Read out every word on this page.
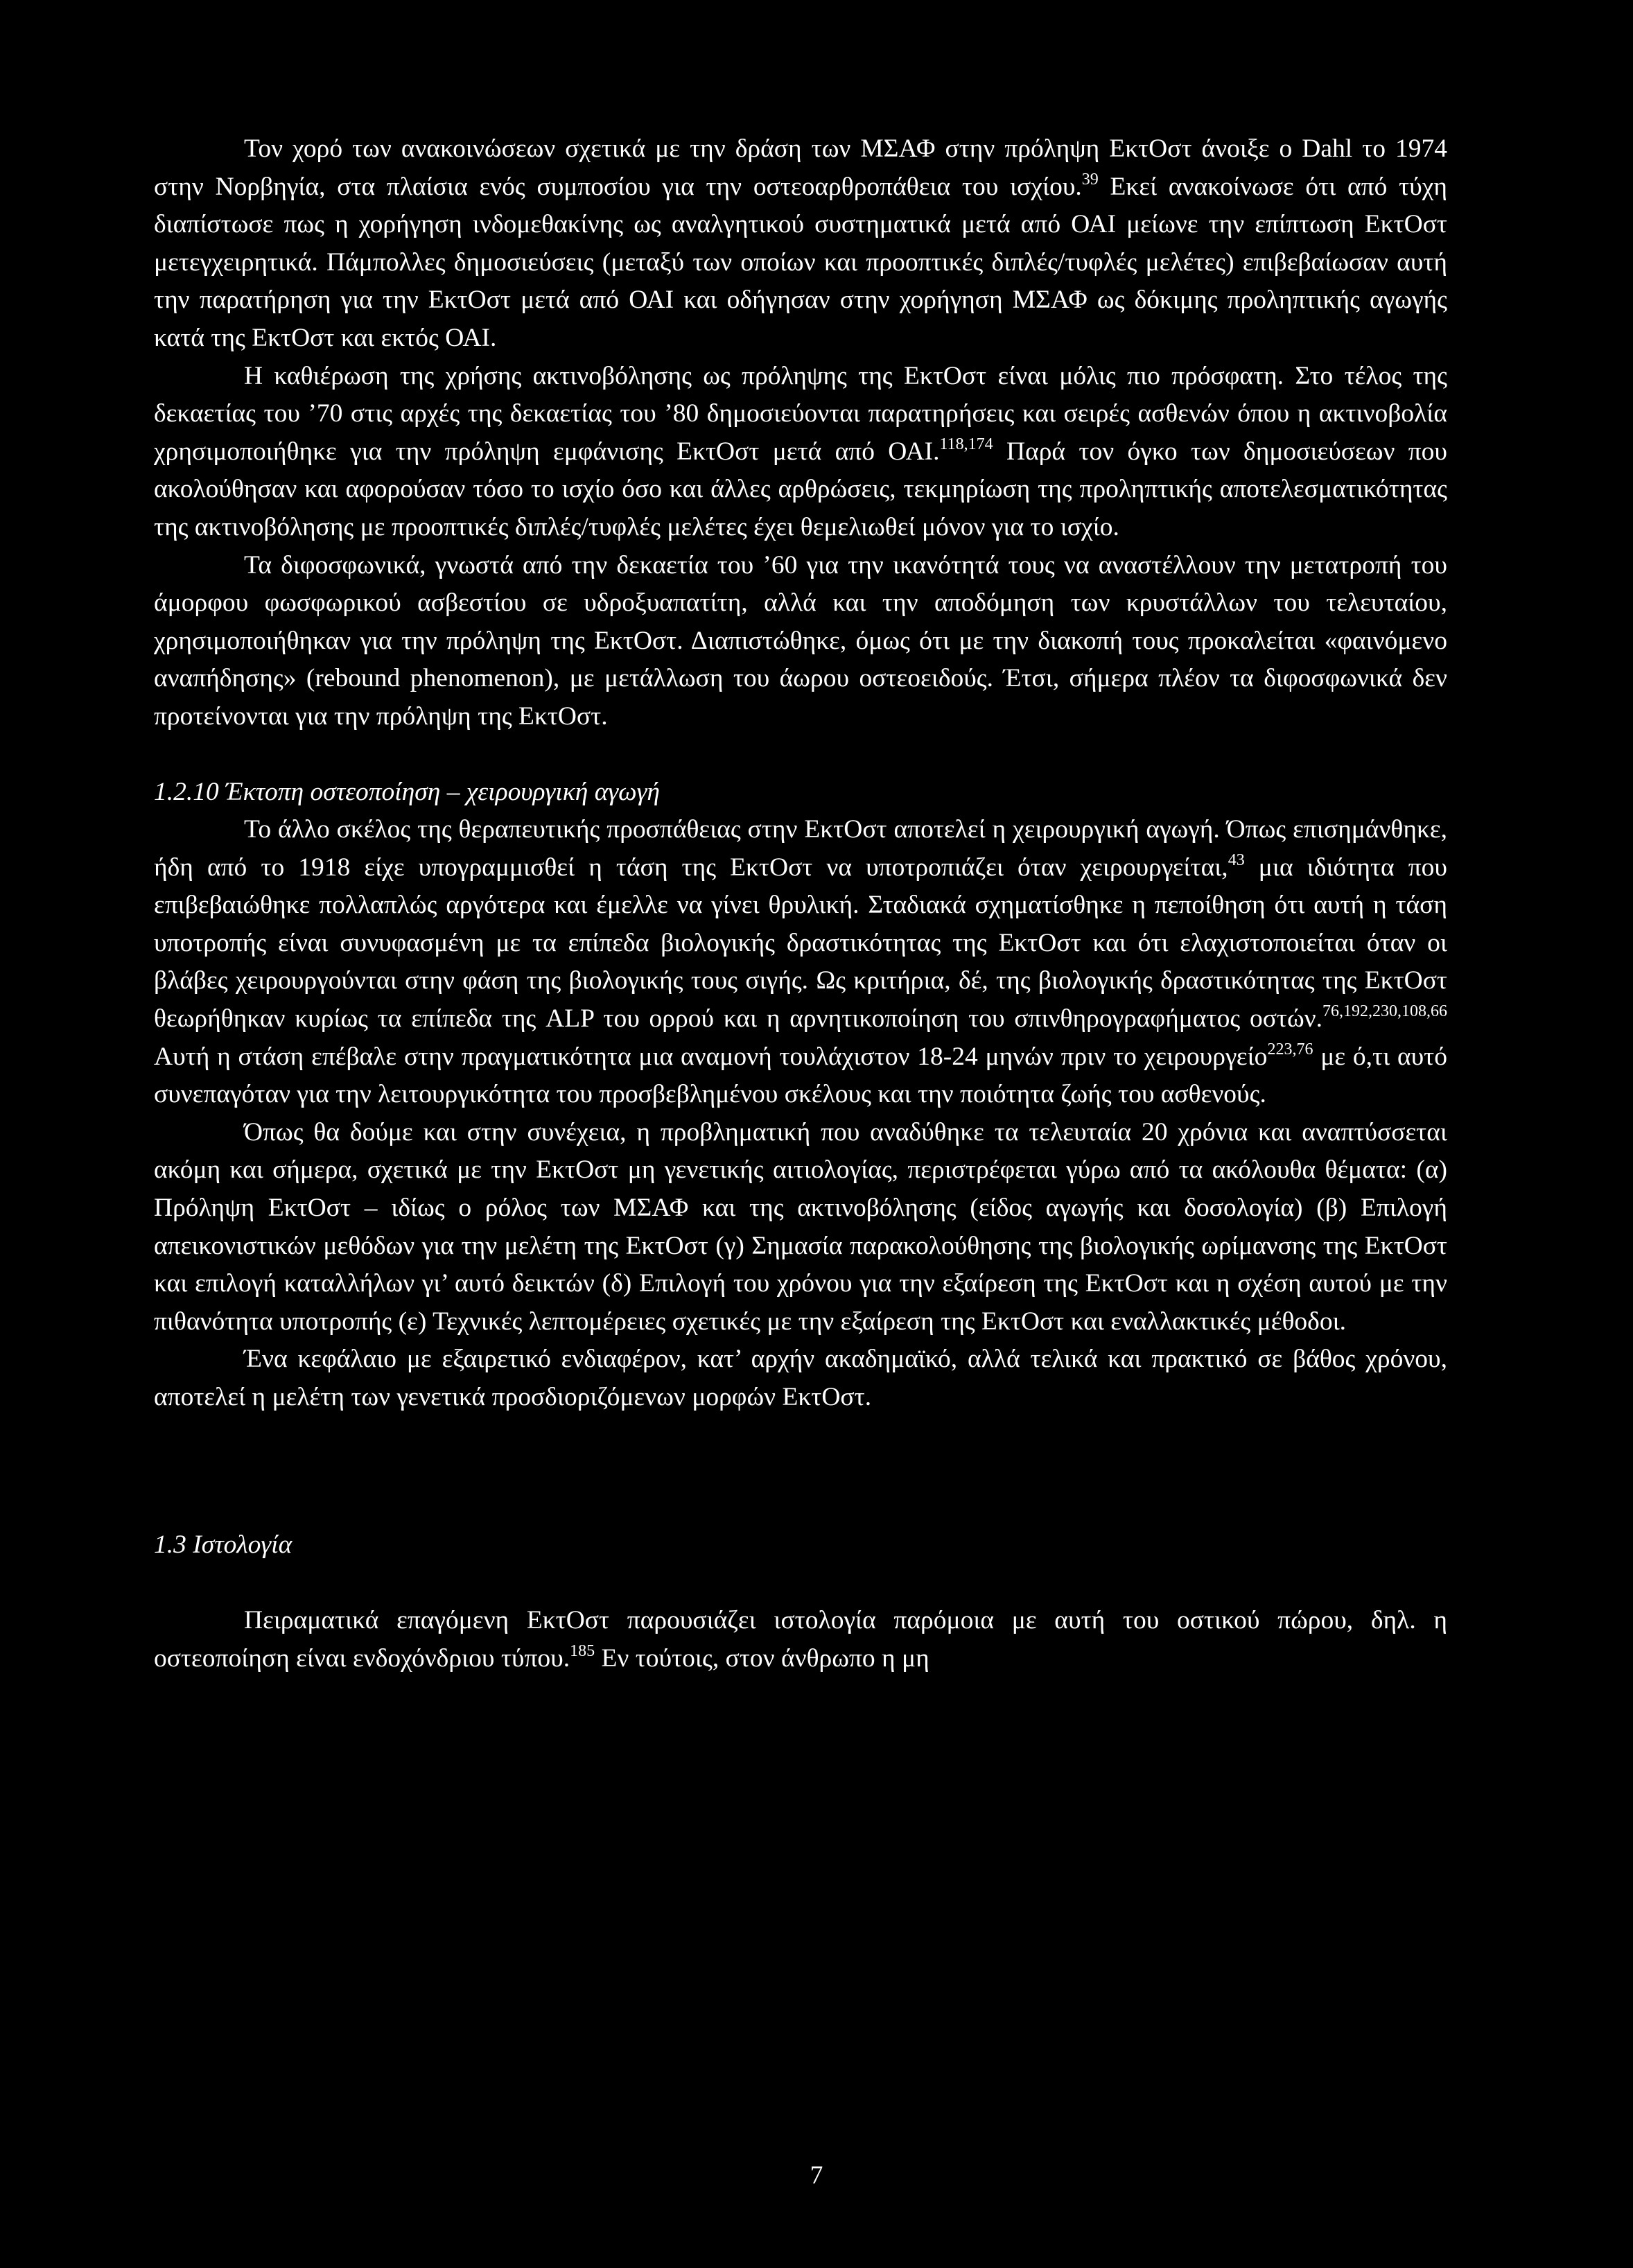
Τον χορό των ανακοινώσεων σχετικά με την δράση των ΜΣΑΦ στην πρόληψη ΕκτΟστ άνοιξε ο Dahl το 1974 στην Νορβηγία, στα πλαίσια ενός συμποσίου για την οστεοαρθροπάθεια του ισχίου.$^{39}$ Εκεί ανακοίνωσε ότι από τύχη διαπίστωσε πως η χορήγηση ινδομεθακίνης ως αναλγητικού συστηματικά μετά από ΟΑΙ μείωνε την επίπτωση ΕκτΟστ μετεγχειρητικά. Πάμπολλες δημοσιεύσεις (μεταξύ των οποίων και προοπτικές διπλές/τυφλές μελέτες) επιβεβαίωσαν αυτή την παρατήρηση για την ΕκτΟστ μετά από ΟΑΙ και οδήγησαν στην χορήγηση ΜΣΑΦ ως δόκιμης προληπτικής αγωγής κατά της ΕκτΟστ και εκτός ΟΑΙ.

Η καθιέρωση της χρήσης ακτινοβόλησης ως πρόληψης της ΕκτΟστ είναι μόλις πιο πρόσφατη. Στο τέλος της δεκαετίας του ’70 στις αρχές της δεκαετίας του ’80 δημοσιεύονται παρατηρήσεις και σειρές ασθενών όπου η ακτινοβολία χρησιμοποιήθηκε για την πρόληψη εμφάνισης ΕκτΟστ μετά από ΟΑΙ.$^{118,174}$ Παρά τον όγκο των δημοσιεύσεων που ακολούθησαν και αφορούσαν τόσο το ισχίο όσο και άλλες αρθρώσεις, τεκμηρίωση της προληπτικής αποτελεσματικότητας της ακτινοβόλησης με προοπτικές διπλές/τυφλές μελέτες έχει θεμελιωθεί μόνον για το ισχίο.

Τα διφοσφωνικά, γνωστά από την δεκαετία του ’60 για την ικανότητά τους να αναστέλλουν την μετατροπή του άμορφου φωσφωρικού ασβεστίου σε υδροξυαπατίτη, αλλά και την αποδόμηση των κρυστάλλων του τελευταίου, χρησιμοποιήθηκαν για την πρόληψη της ΕκτΟστ. Διαπιστώθηκε, όμως ότι με την διακοπή τους προκαλείται «φαινόμενο αναπήδησης» (rebound phenomenon), με μετάλλωση του άωρου οστεοειδούς. Έτσι, σήμερα πλέον τα διφοσφωνικά δεν προτείνονται για την πρόληψη της ΕκτΟστ.

1.2.10 Έκτοπη οστεοποίηση – χειρουργική αγωγή

Το άλλο σκέλος της θεραπευτικής προσπάθειας στην ΕκτΟστ αποτελεί η χειρουργική αγωγή. Όπως επισημάνθηκε, ήδη από το 1918 είχε υπογραμμισθεί η τάση της ΕκτΟστ να υποτροπιάζει όταν χειρουργείται,$^{43}$ μια ιδιότητα που επιβεβαιώθηκε πολλαπλώς αργότερα και έμελλε να γίνει θρυλική. Σταδιακά σχηματίσθηκε η πεποίθηση ότι αυτή η τάση υποτροπής είναι συνυφασμένη με τα επίπεδα βιολογικής δραστικότητας της ΕκτΟστ και ότι ελαχιστοποιείται όταν οι βλάβες χειρουργούνται στην φάση της βιολογικής τους σιγής. Ως κριτήρια, δέ, της βιολογικής δραστικότητας της ΕκτΟστ θεωρήθηκαν κυρίως τα επίπεδα της ALP του ορρού και η αρνητικοποίηση του σπινθηρογραφήματος οστών.$^{76,192,230,108,66}$ Αυτή η στάση επέβαλε στην πραγματικότητα μια αναμονή τουλάχιστον 18-24 μηνών πριν το χειρουργείο$^{223,76}$ με ό,τι αυτό συνεπαγόταν για την λειτουργικότητα του προσβεβλημένου σκέλους και την ποιότητα ζωής του ασθενούς.

Όπως θα δούμε και στην συνέχεια, η προβληματική που αναδύθηκε τα τελευταία 20 χρόνια και αναπτύσσεται ακόμη και σήμερα, σχετικά με την ΕκτΟστ μη γενετικής αιτιολογίας, περιστρέφεται γύρω από τα ακόλουθα θέματα: (α) Πρόληψη ΕκτΟστ – ιδίως ο ρόλος των ΜΣΑΦ και της ακτινοβόλησης (είδος αγωγής και δοσολογία) (β) Επιλογή απεικονιστικών μεθόδων για την μελέτη της ΕκτΟστ (γ) Σημασία παρακολούθησης της βιολογικής ωρίμανσης της ΕκτΟστ και επιλογή καταλλήλων γι’ αυτό δεικτών (δ) Επιλογή του χρόνου για την εξαίρεση της ΕκτΟστ και η σχέση αυτού με την πιθανότητα υποτροπής (ε) Τεχνικές λεπτομέρειες σχετικές με την εξαίρεση της ΕκτΟστ και εναλλακτικές μέθοδοι.

Ένα κεφάλαιο με εξαιρετικό ενδιαφέρον, κατ’ αρχήν ακαδημαϊκό, αλλά τελικά και πρακτικό σε βάθος χρόνου, αποτελεί η μελέτη των γενετικά προσδιοριζόμενων μορφών ΕκτΟστ.

1.3 Ιστολογία

Πειραματικά επαγόμενη ΕκτΟστ παρουσιάζει ιστολογία παρόμοια με αυτή του οστικού πώρου, δηλ. η οστεοποίηση είναι ενδοχόνδριου τύπου.$^{185}$ Εν τούτοις, στον άνθρωπο η μη

7
